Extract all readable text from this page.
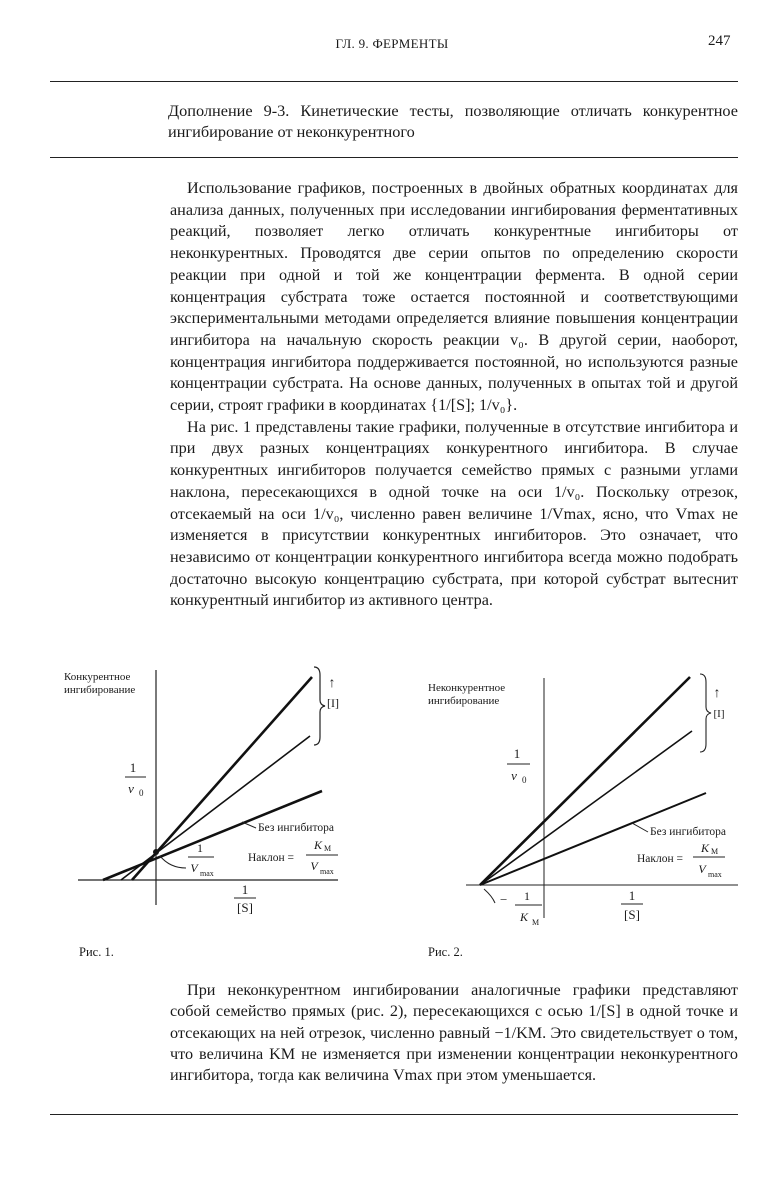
ГЛ. 9. ФЕРМЕНТЫ	247
Дополнение 9-3. Кинетические тесты, позволяющие отличать конкурентное ингибирование от неконкурентного

Использование графиков, построенных в двойных обратных координатах для анализа данных, полученных при исследовании ингибирования ферментативных реакций, позволяет легко отличать конкурентные ингибиторы от неконкурентных. Проводятся две серии опытов по определению скорости реакции при одной и той же концентрации фермента. В одной серии концентрация субстрата тоже остается постоянной и соответствующими экспериментальными методами определяется влияние повышения концентрации ингибитора на начальную скорость реакции v₀. В другой серии, наоборот, концентрация ингибитора поддерживается постоянной, но используются разные концентрации субстрата. На основе данных, полученных в опытах той и другой серии, строят графики в координатах {1/[S]; 1/v₀}.

На рис. 1 представлены такие графики, полученные в отсутствие ингибитора и при двух разных концентрациях конкурентного ингибитора. В случае конкурентных ингибиторов получается семейство прямых с разными углами наклона, пересекающихся в одной точке на оси 1/v₀. Поскольку отрезок, отсекаемый на оси 1/v₀, численно равен величине 1/Vmax, ясно, что Vmax не изменяется в присутствии конкурентных ингибиторов. Это означает, что независимо от концентрации конкурентного ингибитора всегда можно подобрать достаточно высокую концентрацию субстрата, при которой субстрат вытеснит конкурентный ингибитор из активного центра.

Конкурентное
ингибирование
1
v 0
1
[S]
1
V max
Без ингибитора
Наклон =
K M
V max
↑
[I]
Рис. 1.
Неконкурентное
ингибирование
1
v 0
− 1
K M
1
[S]
Без ингибитора
Наклон =
K M
V max
↑
[I]
Рис. 2.

При неконкурентном ингибировании аналогичные графики представляют собой семейство прямых (рис. 2), пересекающихся с осью 1/[S] в одной точке и отсекающих на ней отрезок, численно равный −1/KM. Это свидетельствует о том, что величина KM не изменяется при изменении концентрации неконкурентного ингибитора, тогда как величина Vmax при этом уменьшается.
